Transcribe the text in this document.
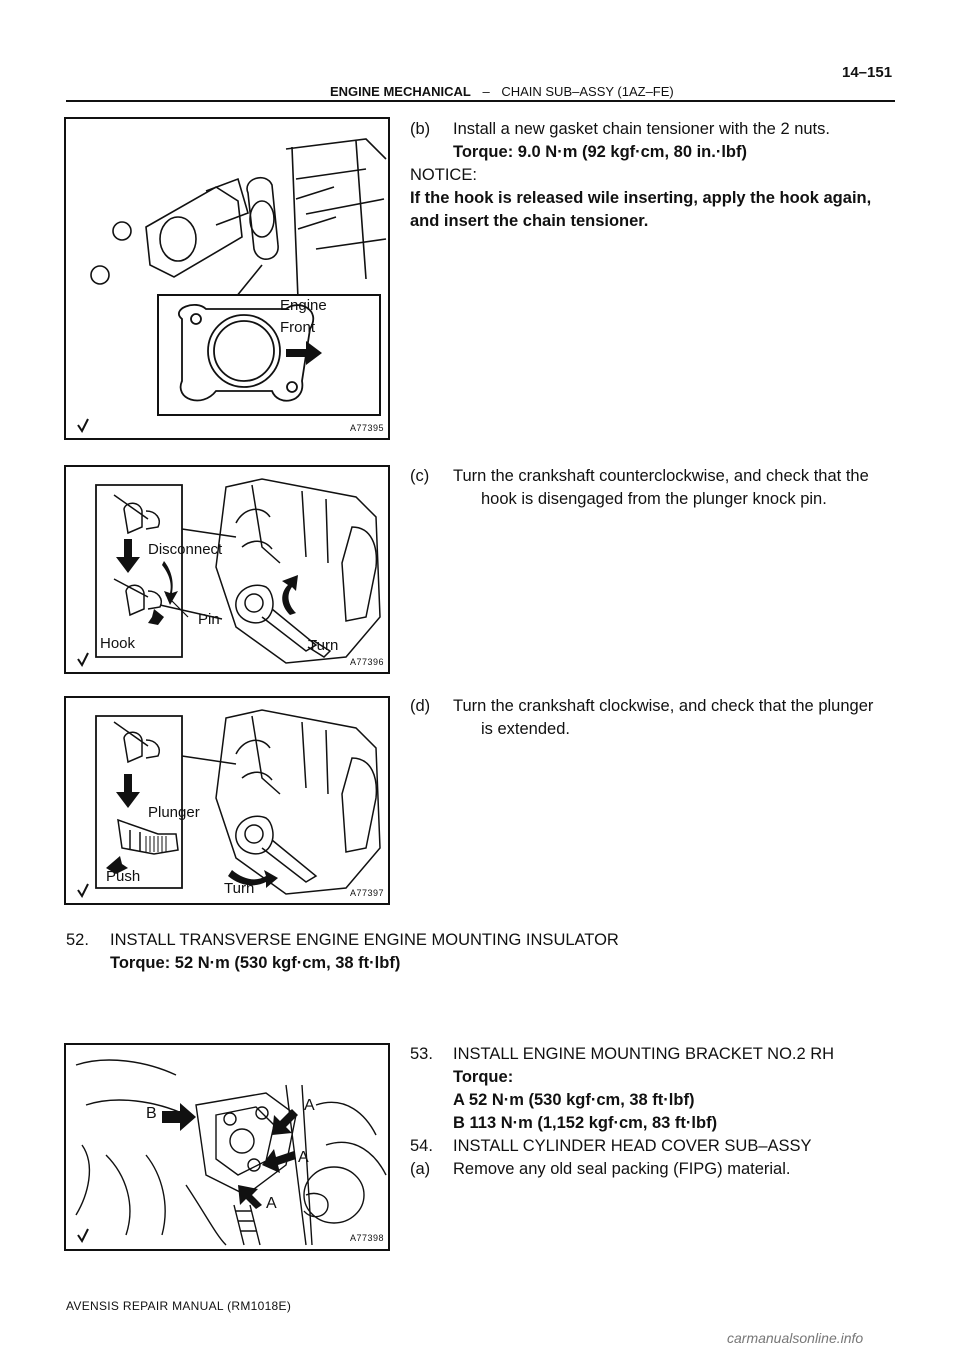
14–151
ENGINE MECHANICAL – CHAIN SUB–ASSY (1AZ–FE)
Engine
Front
A77395
Disconnect
Pin
Hook	Turn
A77396
Plunger
Push
Turn	A77397
B	A
A
A
A77398
(b) Install a new gasket chain tensioner with the 2 nuts.
Torque: 9.0 N·m (92 kgf·cm, 80 in.·lbf)
NOTICE:
If the hook is released wile inserting, apply the hook again,
and insert the chain tensioner.
(c) Turn the crankshaft counterclockwise, and check that the
hook is disengaged from the plunger knock pin.
(d) Turn the crankshaft clockwise, and check that the plunger
is extended.
52. INSTALL TRANSVERSE ENGINE ENGINE MOUNTING INSULATOR
Torque: 52 N·m (530 kgf·cm, 38 ft·lbf)
53. INSTALL ENGINE MOUNTING BRACKET NO.2 RH
Torque:
A 52 N·m (530 kgf·cm, 38 ft·lbf)
B 113 N·m (1,152 kgf·cm, 83 ft·lbf)
54. INSTALL CYLINDER HEAD COVER SUB–ASSY
(a) Remove any old seal packing (FIPG) material.
AVENSIS REPAIR MANUAL (RM1018E)
carmanualsonline.info
